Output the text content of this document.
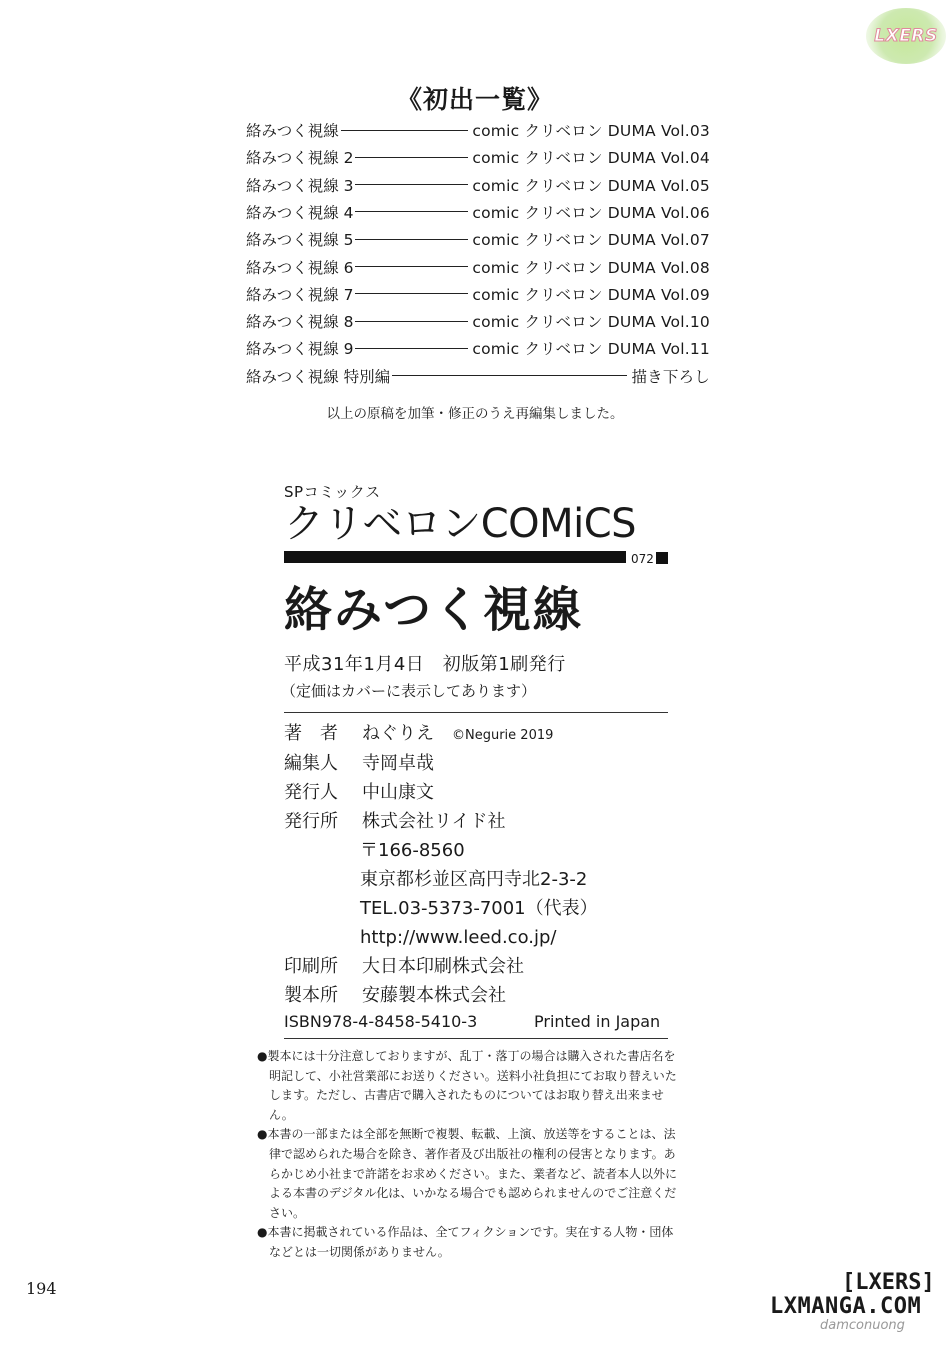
LXERS
《初出一覧》
絡みつく視線	comic クリベロン DUMA Vol.03
絡みつく視線 2	comic クリベロン DUMA Vol.04
絡みつく視線 3	comic クリベロン DUMA Vol.05
絡みつく視線 4	comic クリベロン DUMA Vol.06
絡みつく視線 5	comic クリベロン DUMA Vol.07
絡みつく視線 6	comic クリベロン DUMA Vol.08
絡みつく視線 7	comic クリベロン DUMA Vol.09
絡みつく視線 8	comic クリベロン DUMA Vol.10
絡みつく視線 9	comic クリベロン DUMA Vol.11
絡みつく視線 特別編	描き下ろし
以上の原稿を加筆・修正のうえ再編集しました。
SPコミックス
クリベロンCOMiCS
072
絡みつく視線
平成31年1月4日　初版第1刷発行
（定価はカバーに表示してあります）
著　者 ねぐりえ ©Negurie 2019
編集人 寺岡卓哉
発行人 中山康文
発行所 株式会社リイド社
〒166-8560
東京都杉並区高円寺北2-3-2
TEL.03-5373-7001（代表）
http://www.leed.co.jp/
印刷所 大日本印刷株式会社
製本所 安藤製本株式会社
ISBN978-4-8458-5410-3	Printed in Japan

●製本には十分注意しておりますが、乱丁・落丁の場合は購入された書店名を明記して、小社営業部にお送りください。送料小社負担にてお取り替えいたします。ただし、古書店で購入されたものについてはお取り替え出来ません。

●本書の一部または全部を無断で複製、転載、上演、放送等をすることは、法律で認められた場合を除き、著作者及び出版社の権利の侵害となります。あらかじめ小社まで許諾をお求めください。また、業者など、読者本人以外による本書のデジタル化は、いかなる場合でも認められませんのでご注意ください。

●本書に掲載されている作品は、全てフィクションです。実在する人物・団体などとは一切関係がありません。

194	[LXERS]
LXMANGA.COM
damconuong
